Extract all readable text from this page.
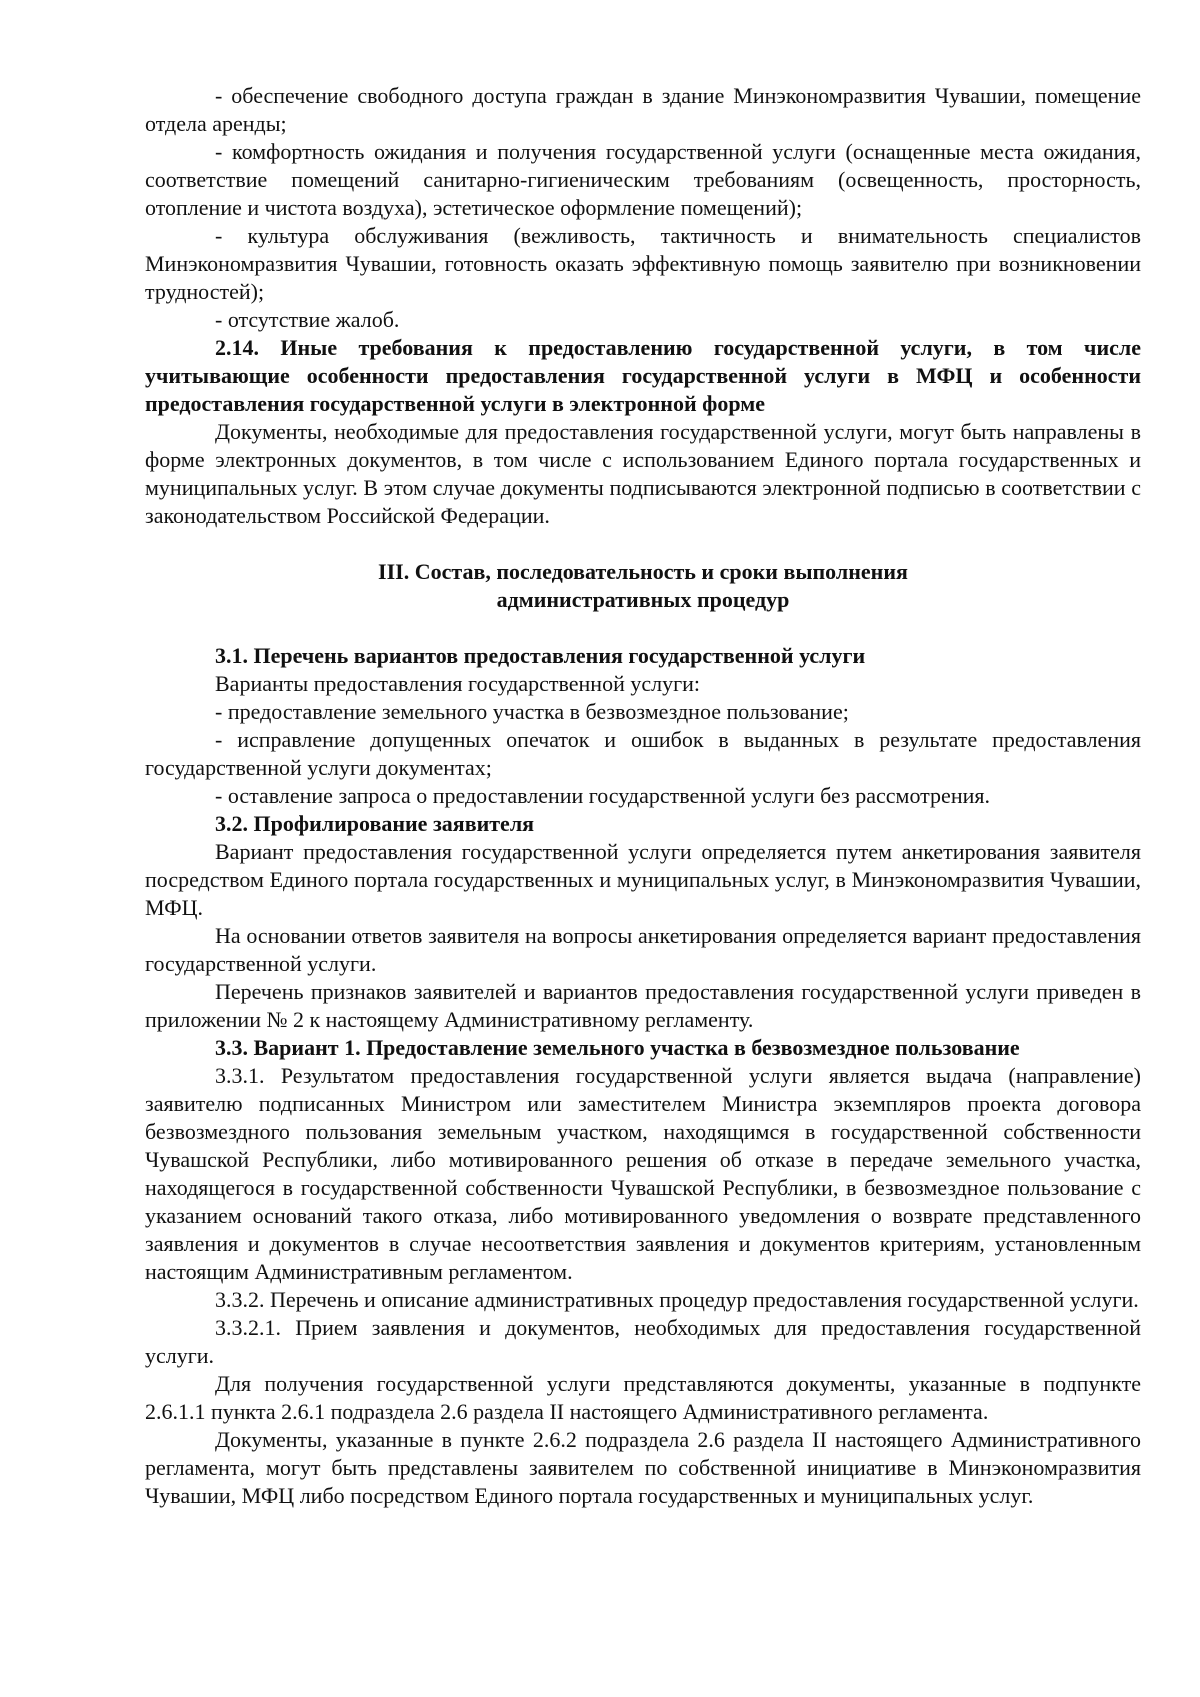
- обеспечение свободного доступа граждан в здание Минэкономразвития Чувашии, помещение отдела аренды;

- комфортность ожидания и получения государственной услуги (оснащенные места ожидания, соответствие помещений санитарно-гигиеническим требованиям (освещенность, просторность, отопление и чистота воздуха), эстетическое оформление помещений);

- культура обслуживания (вежливость, тактичность и внимательность специалистов Минэкономразвития Чувашии, готовность оказать эффективную помощь заявителю при возникновении трудностей);

- отсутствие жалоб.

2.14. Иные требования к предоставлению государственной услуги, в том числе учитывающие особенности предоставления государственной услуги в МФЦ и особенности предоставления государственной услуги в электронной форме

Документы, необходимые для предоставления государственной услуги, могут быть направлены в форме электронных документов, в том числе с использованием Единого портала государственных и муниципальных услуг. В этом случае документы подписываются электронной подписью в соответствии с законодательством Российской Федерации.

III. Состав, последовательность и сроки выполнения

административных процедур

3.1. Перечень вариантов предоставления государственной услуги

Варианты предоставления государственной услуги:

- предоставление земельного участка в безвозмездное пользование;

- исправление допущенных опечаток и ошибок в выданных в результате предоставления государственной услуги документах;

- оставление запроса о предоставлении государственной услуги без рассмотрения.

3.2. Профилирование заявителя

Вариант предоставления государственной услуги определяется путем анкетирования заявителя посредством Единого портала государственных и муниципальных услуг, в Минэкономразвития Чувашии, МФЦ.

На основании ответов заявителя на вопросы анкетирования определяется вариант предоставления государственной услуги.

Перечень признаков заявителей и вариантов предоставления государственной услуги приведен в приложении № 2 к настоящему Административному регламенту.

3.3. Вариант 1. Предоставление земельного участка в безвозмездное пользование

3.3.1. Результатом предоставления государственной услуги является выдача (направление) заявителю подписанных Министром или заместителем Министра экземпляров проекта договора безвозмездного пользования земельным участком, находящимся в государственной собственности Чувашской Республики, либо мотивированного решения об отказе в передаче земельного участка, находящегося в государственной собственности Чувашской Республики, в безвозмездное пользование с указанием оснований такого отказа, либо мотивированного уведомления о возврате представленного заявления и документов в случае несоответствия заявления и документов критериям, установленным настоящим Административным регламентом.

3.3.2. Перечень и описание административных процедур предоставления государственной услуги.

3.3.2.1. Прием заявления и документов, необходимых для предоставления государственной услуги.

Для получения государственной услуги представляются документы, указанные в подпункте 2.6.1.1 пункта 2.6.1 подраздела 2.6 раздела II настоящего Административного регламента.

Документы, указанные в пункте 2.6.2 подраздела 2.6 раздела II настоящего Административного регламента, могут быть представлены заявителем по собственной инициативе в Минэкономразвития Чувашии, МФЦ либо посредством Единого портала государственных и муниципальных услуг.
